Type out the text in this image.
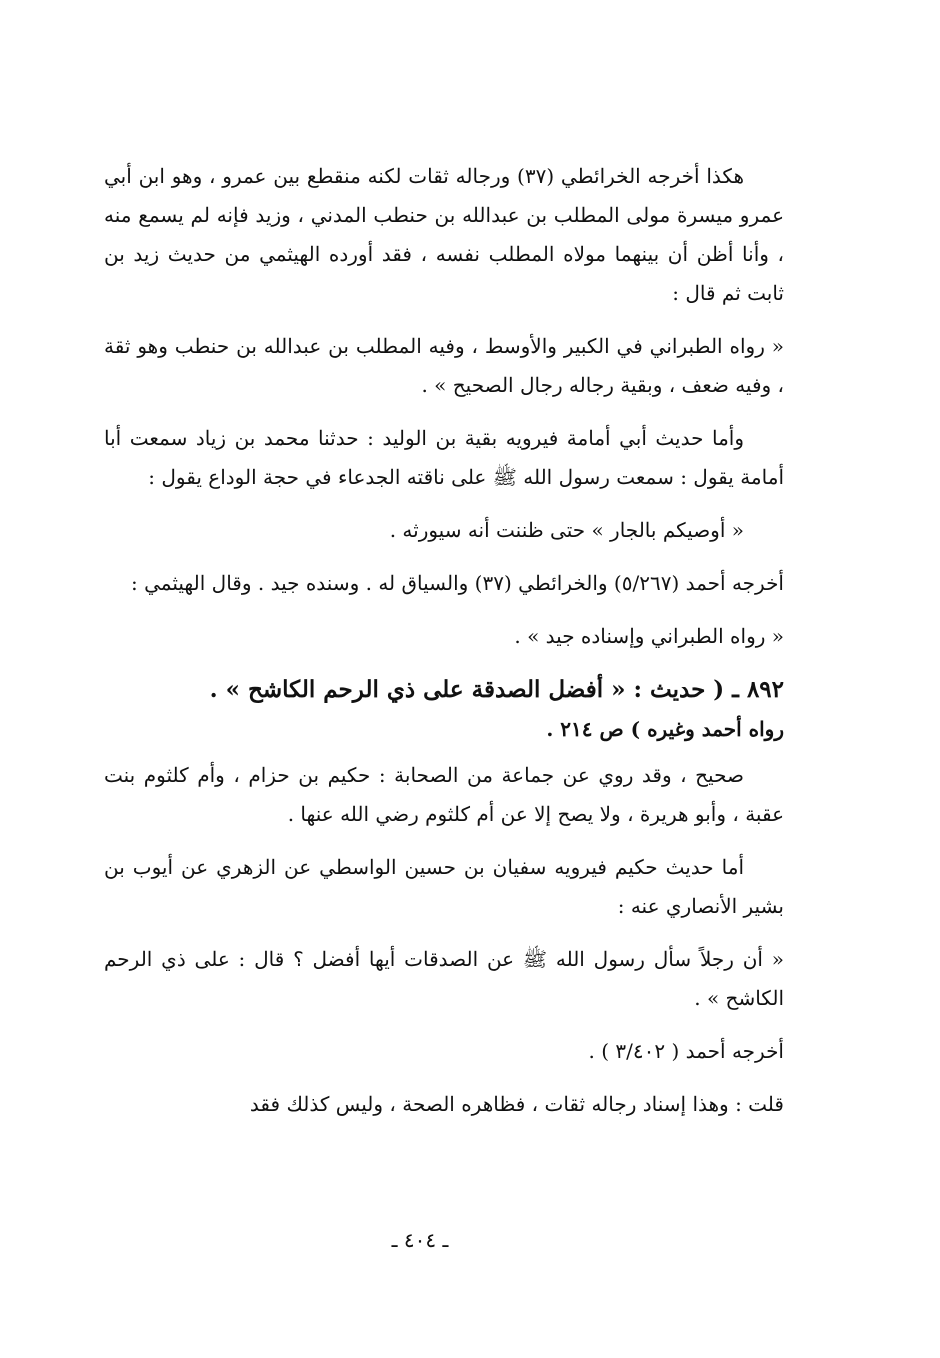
هكذا أخرجه الخرائطي (٣٧) ورجاله ثقات لكنه منقطع بين عمرو ، وهو ابن أبي عمرو ميسرة مولى المطلب بن عبدالله بن حنطب المدني ، وزيد فإنه لم يسمع منه ، وأنا أظن أن بينهما مولاه المطلب نفسه ، فقد أورده الهيثمي من حديث زيد بن ثابت ثم قال :

« رواه الطبراني في الكبير والأوسط ، وفيه المطلب بن عبدالله بن حنطب وهو ثقة ، وفيه ضعف ، وبقية رجاله رجال الصحيح » .

وأما حديث أبي أمامة فيرويه بقية بن الوليد : حدثنا محمد بن زياد سمعت أبا أمامة يقول : سمعت رسول الله ﷺ على ناقته الجدعاء في حجة الوداع يقول :

« أوصيكم بالجار » حتى ظننت أنه سيورثه .

أخرجه أحمد (٥/٢٦٧) والخرائطي (٣٧) والسياق له . وسنده جيد . وقال الهيثمي :

« رواه الطبراني وإسناده جيد » .

٨٩٢ ـ ( حديث : « أفضل الصدقة على ذي الرحم الكاشح » .
رواه أحمد وغيره ) ص ٢١٤ .

صحيح ، وقد روي عن جماعة من الصحابة : حكيم بن حزام ، وأم كلثوم بنت عقبة ، وأبو هريرة ، ولا يصح إلا عن أم كلثوم رضي الله عنها .

أما حديث حكيم فيرويه سفيان بن حسين الواسطي عن الزهري عن أيوب بن بشير الأنصاري عنه :

« أن رجلاً سأل رسول الله ﷺ عن الصدقات أيها أفضل ؟ قال : على ذي الرحم الكاشح » .

أخرجه أحمد ( ٣/٤٠٢ ) .

قلت : وهذا إسناد رجاله ثقات ، فظاهره الصحة ، وليس كذلك فقد

ـ ٤٠٤ ـ
